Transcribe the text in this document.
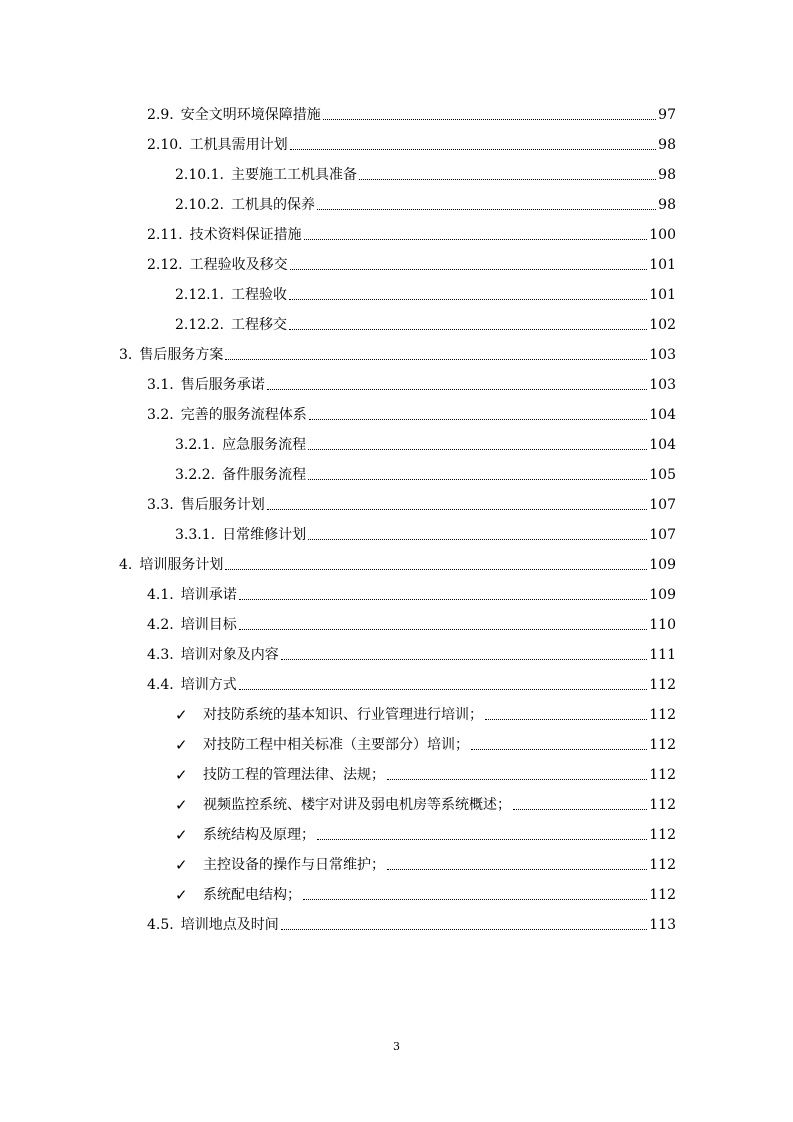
2.9. 安全文明环境保障措施	97
2.10. 工机具需用计划	98
2.10.1. 主要施工工机具准备	98
2.10.2. 工机具的保养	98
2.11. 技术资料保证措施	100
2.12. 工程验收及移交	101
2.12.1. 工程验收	101
2.12.2. 工程移交	102
3. 售后服务方案	103
3.1. 售后服务承诺	103
3.2. 完善的服务流程体系	104
3.2.1. 应急服务流程	104
3.2.2. 备件服务流程	105
3.3. 售后服务计划	107
3.3.1. 日常维修计划	107
4. 培训服务计划	109
4.1. 培训承诺	109
4.2. 培训目标	110
4.3. 培训对象及内容	111
4.4. 培训方式	112
✓	对技防系统的基本知识、行业管理进行培训；	112
✓	对技防工程中相关标准（主要部分）培训；	112
✓	技防工程的管理法律、法规；	112
✓	视频监控系统、楼宇对讲及弱电机房等系统概述；	112
✓	系统结构及原理；	112
✓	主控设备的操作与日常维护；	112
✓	系统配电结构；	112
4.5. 培训地点及时间	113
3
